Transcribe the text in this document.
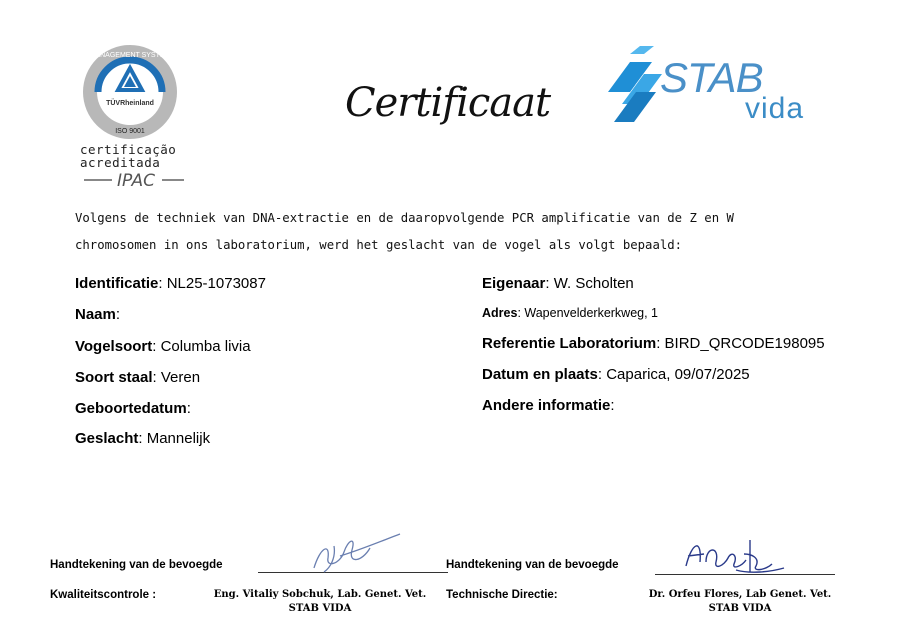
MANAGEMENT SYSTEM
TÜVRheinland
ISO 9001
certificação
acreditada
IPAC
Certificaat
STAB
vida
Volgens de techniek van DNA-extractie en de daaropvolgende PCR amplificatie van de Z en W
chromosomen in ons laboratorium, werd het geslacht van de vogel als volgt bepaald:
Identificatie: NL25-1073087
Naam:
Vogelsoort: Columba livia
Soort staal: Veren
Geboortedatum:
Geslacht: Mannelijk
Eigenaar: W. Scholten
Adres: Wapenvelderkerkweg, 1
Referentie Laboratorium: BIRD_QRCODE198095
Datum en plaats: Caparica, 09/07/2025
Andere informatie:
Handtekening van de bevoegde	Handtekening van de bevoegde
Kwaliteitscontrole :	Eng. Vitaliy Sobchuk, Lab. Genet. Vet.
STAB VIDA
Technische Directie:	Dr. Orfeu Flores, Lab Genet. Vet.
STAB VIDA
